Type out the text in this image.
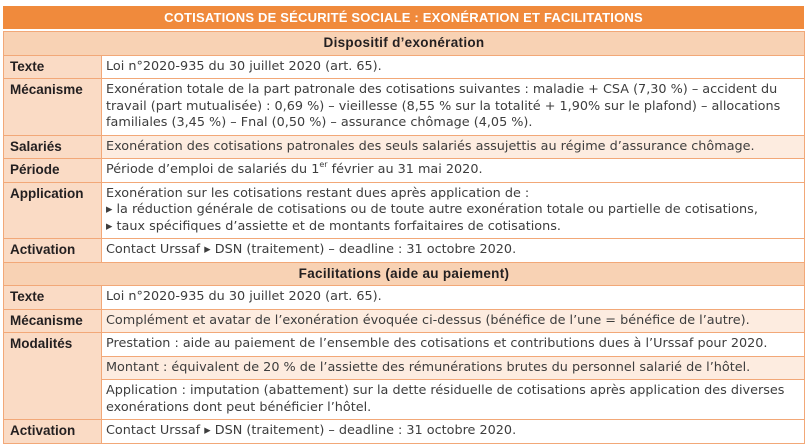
COTISATIONS DE SÉCURITÉ SOCIALE : EXONÉRATION ET FACILITATIONS
Dispositif d’exonération	
Texte	Loi n°2020-935 du 30 juillet 2020 (art. 65).

Mécanisme	Exonération totale de la part patronale des cotisations suivantes : maladie + CSA (7,30 %) – accident du
travail (part mutualisée) : 0,69 %) – vieillesse (8,55 % sur la totalité + 1,90% sur le plafond) – allocations
familiales (3,45 %) – Fnal (0,50 %) – assurance chômage (4,05 %).

Salariés	Exonération des cotisations patronales des seuls salariés assujettis au régime d’assurance chômage.

Période	Période d’emploi de salariés du 1er février au 31 mai 2020.

Application	Exonération sur les cotisations restant dues après application de :
▸ la réduction générale de cotisations ou de toute autre exonération totale ou partielle de cotisations,
▸ taux spécifiques d’assiette et de montants forfaitaires de cotisations.

Activation	Contact Urssaf ▸ DSN (traitement) – deadline : 31 octobre 2020.

Facilitations (aide au paiement)	
Texte	Loi n°2020-935 du 30 juillet 2020 (art. 65).

Mécanisme	Complément et avatar de l’exonération évoquée ci-dessus (bénéfice de l’une = bénéfice de l’autre).

Modalités	Prestation : aide au paiement de l’ensemble des cotisations et contributions dues à l’Urssaf pour 2020.

	Montant : équivalent de 20 % de l’assiette des rémunérations brutes du personnel salarié de l’hôtel.

	Application : imputation (abattement) sur la dette résiduelle de cotisations après application des diverses
exonérations dont peut bénéficier l’hôtel.

Activation	Contact Urssaf ▸ DSN (traitement) – deadline : 31 octobre 2020.
